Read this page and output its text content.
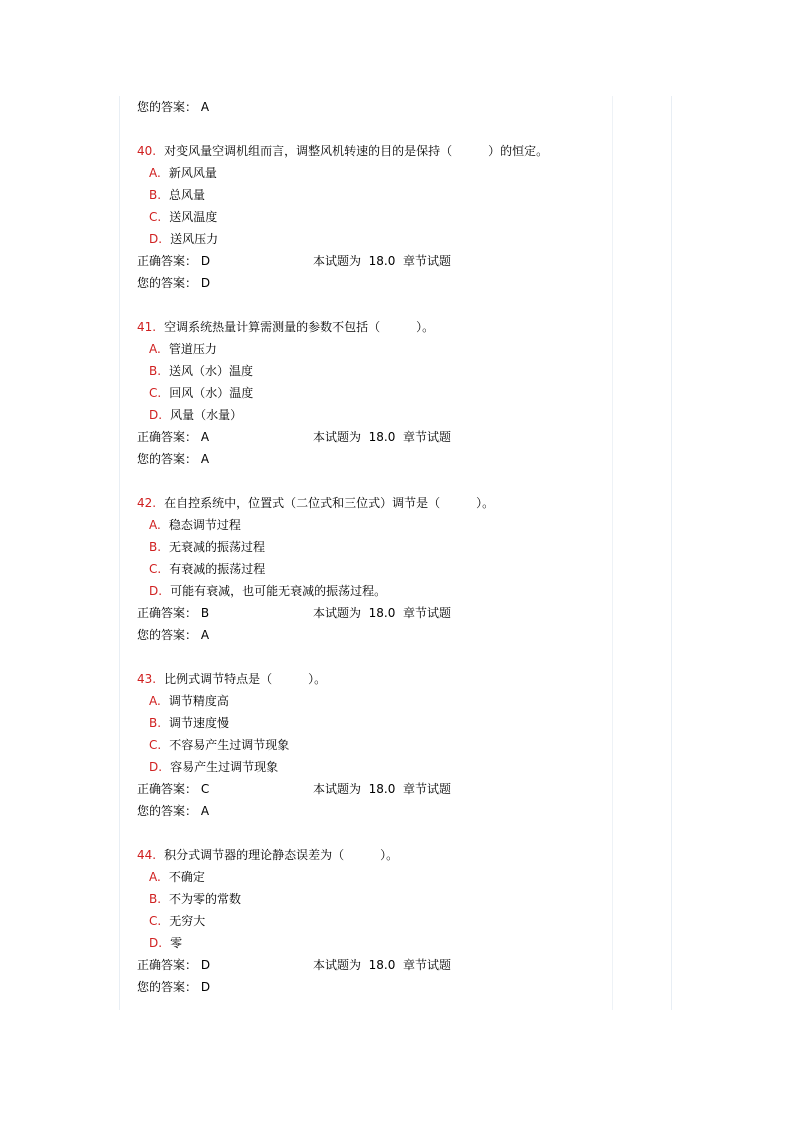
您的答案： A
40. 对变风量空调机组而言，调整风机转速的目的是保持（　　　）的恒定。
A. 新风风量
B. 总风量
C. 送风温度
D. 送风压力
正确答案： D	本试题为
18.0
章节试题
您的答案： D
41. 空调系统热量计算需测量的参数不包括（　　　）。
A. 管道压力
B. 送风（水）温度
C. 回风（水）温度
D. 风量（水量）
正确答案： A	本试题为
18.0
章节试题
您的答案： A
42. 在自控系统中，位置式（二位式和三位式）调节是（　　　）。
A. 稳态调节过程
B. 无衰减的振荡过程
C. 有衰减的振荡过程
D. 可能有衰减，也可能无衰减的振荡过程。
正确答案： B	本试题为
18.0
章节试题
您的答案： A
43. 比例式调节特点是（　　　）。
A. 调节精度高
B. 调节速度慢
C. 不容易产生过调节现象
D. 容易产生过调节现象
正确答案： C	本试题为
18.0
章节试题
您的答案： A
44. 积分式调节器的理论静态误差为（　　　）。
A. 不确定
B. 不为零的常数
C. 无穷大
D. 零
正确答案： D	本试题为
18.0
章节试题
您的答案： D
